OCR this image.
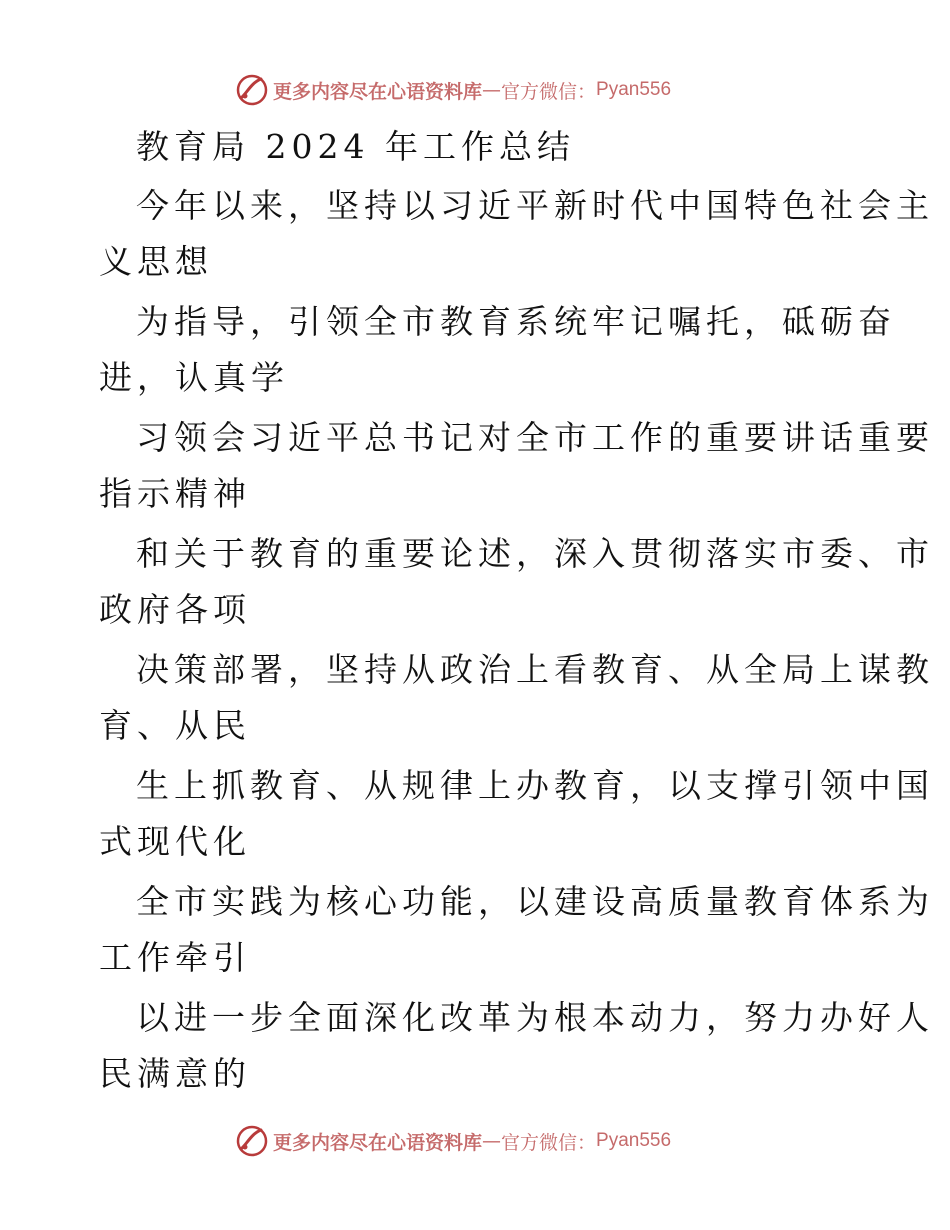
更多内容尽在心语资料库 — 官方微信： Pyan556
教育局 2024 年工作总结
今年以来，坚持以习近平新时代中国特色社会主
义思想
为指导，引领全市教育系统牢记嘱托，砥砺奋
进，认真学
习领会习近平总书记对全市工作的重要讲话重要
指示精神
和关于教育的重要论述，深入贯彻落实市委、市
政府各项
决策部署，坚持从政治上看教育、从全局上谋教
育、从民
生上抓教育、从规律上办教育，以支撑引领中国
式现代化
全市实践为核心功能，以建设高质量教育体系为
工作牵引
以进一步全面深化改革为根本动力，努力办好人
民满意的
更多内容尽在心语资料库 — 官方微信： Pyan556
